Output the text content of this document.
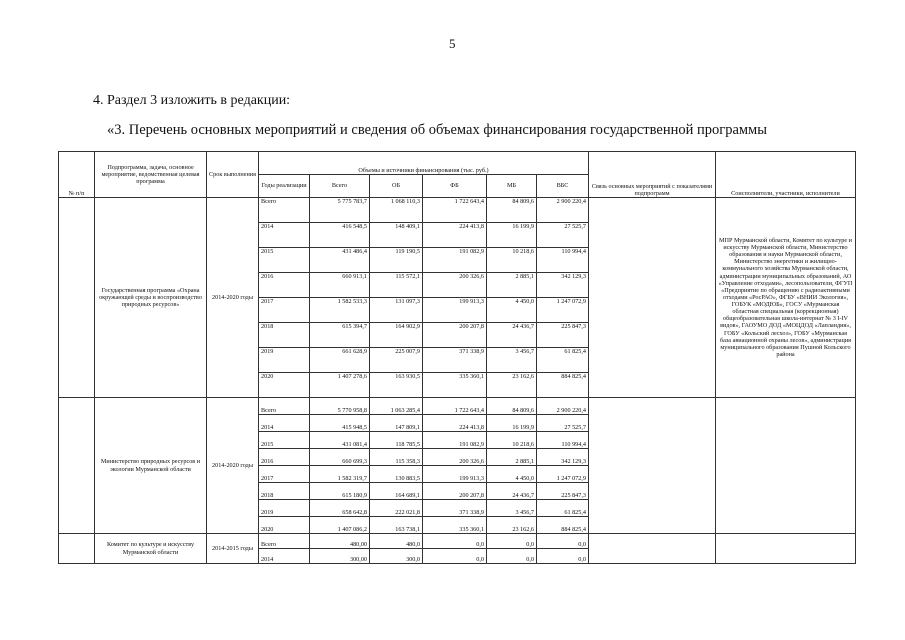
5
4. Раздел 3 изложить в редакции:
«3. Перечень основных мероприятий и сведения об объемах финансирования государственной программы
№ п/п	Подпрограмма, задача, основное мероприятие, ведомственная целевая программа	Срок выполнения	Объемы и источники финансирования (тыс. руб.)						Связь основных мероприятий с показателями подпрограмм	Соисполнители, участники, исполнители
			Годы реализации	Всего	ОБ	ФБ	МБ	ВБС		
	Государственная программа «Охрана окружающей среды и воспроизводство природных ресурсов»	2014-2020 годы	Всего	5 775 783,7	1 068 110,3	1 722 643,4	84 809,6	2 900 220,4		МПР Мурманской области, Комитет по культуре и искусству Мурманской области, Министерство образования и науки Мурманской области, Министерство энергетики и жилищно-коммунального хозяйства Мурманской области, администрации муниципальных образований, АО «Управление отходами», лесопользователи, ФГУП «Предприятие по обращению с радиоактивными отходами «РосРАО», ФГБУ «ВНИИ Экология», ГОБУК «МОДЮБ», ГОСУ «Мурманская областная специальная (коррекционная) общеобразовательная школа-интернат № 3 I-IV видов», ГАОУМО ДОД «МОЦДОД «Лапландия», ГОБУ «Кольский лесхоз», ГОБУ «Мурманская база авиационной охраны лесов», администрация муниципального образования Пушной Кольского района
			2014	416 548,5	148 409,1	224 413,8	16 199,9	27 525,7		
			2015	431 486,4	119 190,5	191 082,9	10 218,6	110 994,4		
			2016	660 913,1	115 572,1	200 326,6	2 885,1	342 129,3		
			2017	1 582 533,3	131 097,3	199 913,3	4 450,0	1 247 072,9		
			2018	615 394,7	164 902,9	200 207,8	24 436,7	225 847,3		
			2019	661 628,9	225 007,9	371 338,9	3 456,7	61 825,4		
			2020	1 407 278,6	163 930,5	335 360,1	23 162,6	884 825,4		
	Министерство природных ресурсов и экологии Мурманской области	2014-2020 годы	Всего	5 770 958,8	1 063 285,4	1 722 643,4	84 809,6	2 900 220,4		
			2014	415 948,5	147 809,1	224 413,8	16 199,9	27 525,7		
			2015	431 081,4	118 785,5	191 082,9	10 218,6	110 994,4		
			2016	660 699,3	115 358,3	200 326,6	2 885,1	342 129,3		
			2017	1 582 319,7	130 883,5	199 913,3	4 450,0	1 247 072,9		
			2018	615 180,9	164 689,1	200 207,8	24 436,7	225 847,3		
			2019	658 642,8	222 021,8	371 338,9	3 456,7	61 825,4		
			2020	1 407 086,2	163 738,1	335 360,1	23 162,6	884 825,4		
	Комитет по культуре и искусству Мурманской области	2014-2015 годы	Всего	480,00	480,0	0,0	0,0	0,0		
			2014	300,00	300,0	0,0	0,0	0,0		
